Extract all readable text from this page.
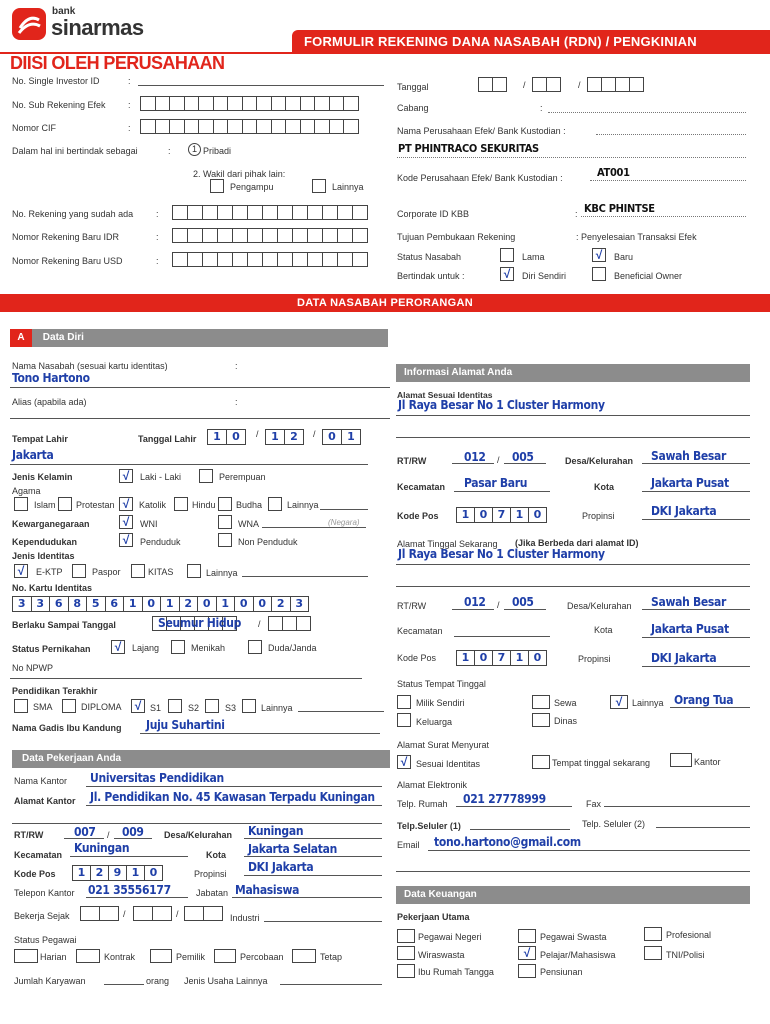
bank
sinarmas
FORMULIR REKENING DANA NASABAH (RDN) / PENGKINIAN
DIISI OLEH PERUSAHAAN
No. Single Investor ID	:
No. Sub Rekening Efek :
Nomor CIF	:
Dalam hal ini bertindak sebagai	:	1 Pribadi
2. Wakil dari pihak lain:
Pengampu	Lainnya
No. Rekening yang sudah ada	:
Nomor Rekening Baru IDR	:
Nomor Rekening Baru USD	:
Tanggal	/	/
Cabang	:
Nama Perusahaan Efek/ Bank Kustodian :
PT PHINTRACO SEKURITAS
Kode Perusahaan Efek/ Bank Kustodian :	AT001
Corporate ID KBB	: KBC PHINTSE
Tujuan Pembukaan Rekening	: Penyelesaian Transaksi Efek
Status Nasabah	Lama	√	Baru
Bertindak untuk :	√	Diri Sendiri	Beneficial Owner
DATA NASABAH PERORANGAN
A Data Diri
Nama Nasabah (sesuai kartu identitas)	:
Tono Hartono
Alias (apabila ada)	:
Tempat Lahir	Tanggal Lahir	1	0	/	1	2	/	0	1
Jakarta
Jenis Kelamin	√	Laki - Laki	Perempuan
Agama
Islam Protestan √	Katolik	Hindu Budha	Lainnya
Kewarganegaraan	√	WNI	WNA	(Negara)
Kependudukan	√	Penduduk	Non Penduduk
Jenis Identitas
√	E-KTP	Paspor	KITAS	Lainnya
No. Kartu Identitas
3 3 6 8 5 6 1 0 1 2 0 1 0 0 2 3
Berlaku Sampai Tanggal	Seumur Hidup /
Status Pernikahan	√	Lajang	Menikah	Duda/Janda
No NPWP
Pendidikan Terakhir
SMA	DIPLOMA	√ S1	S2	S3	Lainnya
Nama Gadis Ibu Kandung Juju Suhartini
Data Pekerjaan Anda
Nama Kantor Universitas Pendidikan
Alamat Kantor Jl. Pendidikan No. 45 Kawasan Terpadu Kuningan
RT/RW	007 / 009 Desa/Kelurahan Kuningan
Kecamatan Kuningan	Kota Jakarta Selatan
Kode Pos	1 2 9 1 0	Propinsi DKI Jakarta
Telepon Kantor 021 35556177	Jabatan Mahasiswa
Bekerja Sejak	/	/	Industri
Status Pegawai
Harian	Kontrak	Pemilik	Percobaan	Tetap
Jumlah Karyawan	orang Jenis Usaha Lainnya
Informasi Alamat Anda
Alamat Sesuai Identitas
Jl Raya Besar No 1 Cluster Harmony
RT/RW	012 / 005	Desa/Kelurahan Sawah Besar
Kecamatan Pasar Baru	Kota	Jakarta Pusat
Kode Pos	1 0 7 1 0	Propinsi	DKI Jakarta
Alamat Tinggal Sekarang (Jika Berbeda dari alamat ID)
Jl Raya Besar No 1 Cluster Harmony
RT/RW	012 / 005	Desa/Kelurahan Sawah Besar
Kecamatan	Kota	Jakarta Pusat
Kode Pos	1 0 7 1 0	Propinsi	DKI Jakarta
Status Tempat Tinggal
Milik Sendiri	Sewa	√	Lainnya Orang Tua
Keluarga	Dinas
Alamat Surat Menyurat
√ Sesuai Identitas	Tempat tinggal sekarang	Kantor
Alamat Elektronik
Telp. Rumah 021 27778999	Fax
Telp.Seluler (1)	Telp. Seluler (2)
Email tono.hartono@gmail.com
Data Keuangan
Pekerjaan Utama
Pegawai Negeri	Pegawai Swasta	Profesional
Wiraswasta	√	Pelajar/Mahasiswa	TNI/Polisi
Ibu Rumah Tangga	Pensiunan
